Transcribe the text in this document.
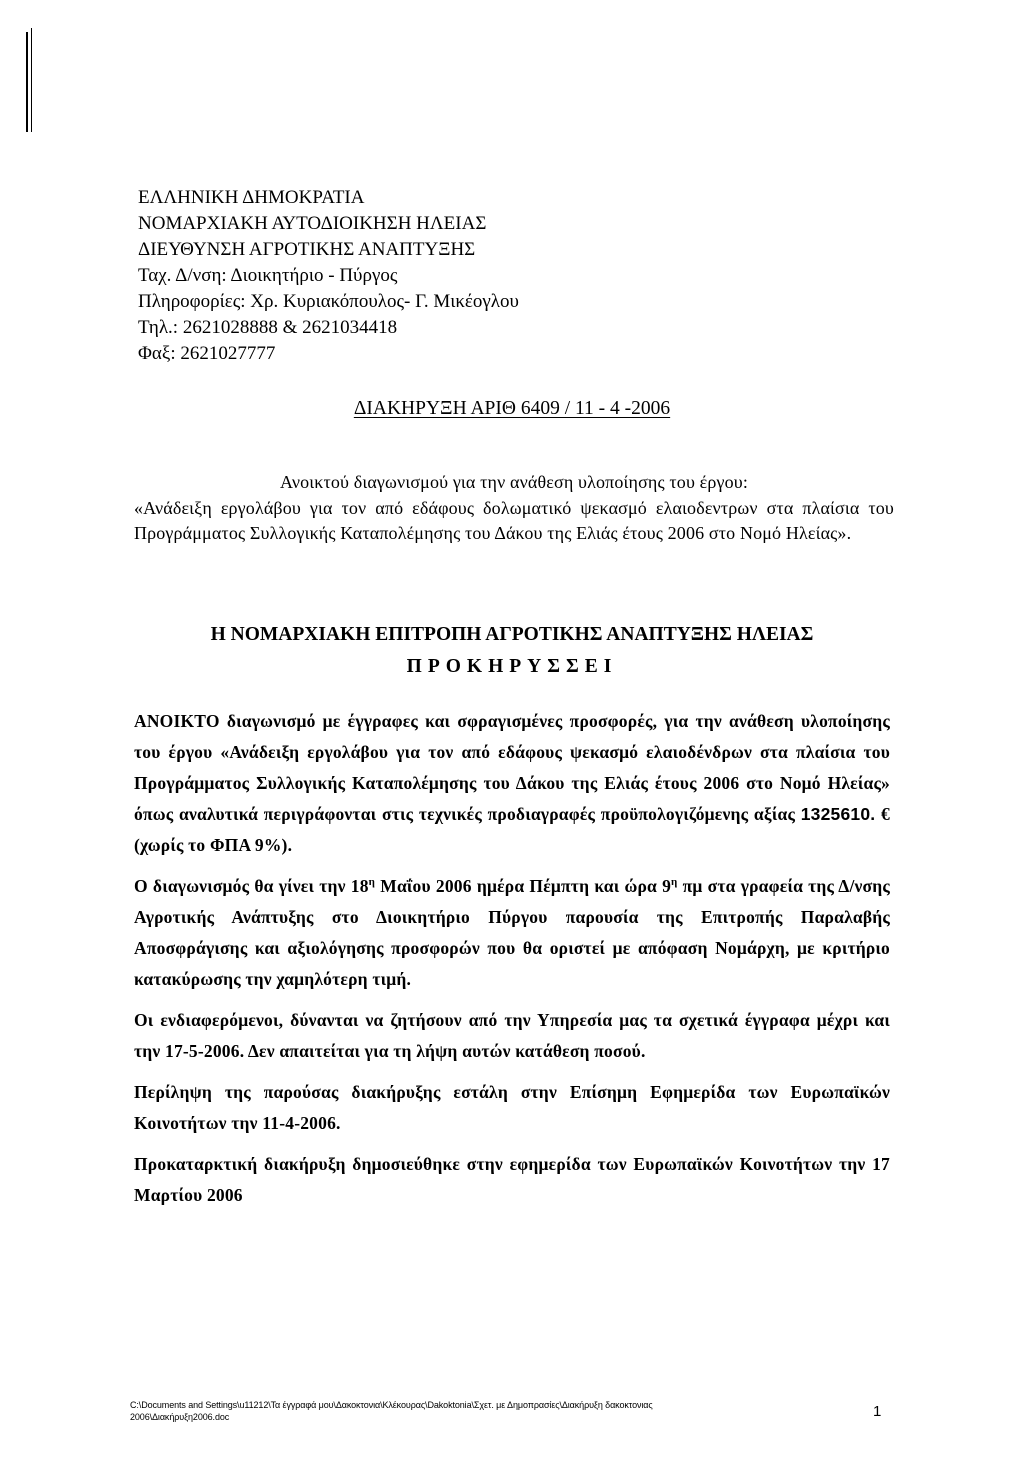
ΕΛΛΗΝΙΚΗ ΔΗΜΟΚΡΑΤΙΑ
ΝΟΜΑΡΧΙΑΚΗ ΑΥΤΟΔΙΟΙΚΗΣΗ ΗΛΕΙΑΣ
ΔΙΕΥΘΥΝΣΗ ΑΓΡΟΤΙΚΗΣ ΑΝΑΠΤΥΞΗΣ
Ταχ. Δ/νση: Διοικητήριο - Πύργος
Πληροφορίες: Χρ. Κυριακόπουλος- Γ. Μικέογλου
Τηλ.: 2621028888 & 2621034418
Φαξ: 2621027777
ΔΙΑΚΗΡΥΞΗ ΑΡΙΘ 6409 / 11 - 4 -2006
Ανοικτού διαγωνισμού για την ανάθεση υλοποίησης του έργου:
«Ανάδειξη εργολάβου για τον από εδάφους δολωματικό ψεκασμό ελαιοδεντρων στα πλαίσια του Προγράμματος Συλλογικής Καταπολέμησης του Δάκου της Ελιάς έτους 2006 στο Νομό Ηλείας».
Η ΝΟΜΑΡΧΙΑΚΗ ΕΠΙΤΡΟΠΗ ΑΓΡΟΤΙΚΗΣ ΑΝΑΠΤΥΞΗΣ ΗΛΕΙΑΣ
ΠΡΟΚΗΡΥΣΣΕΙ

ΑΝΟΙΚΤΟ διαγωνισμό με έγγραφες και σφραγισμένες προσφορές, για την ανάθεση υλοποίησης του έργου «Ανάδειξη εργολάβου για τον από εδάφους ψεκασμό ελαιοδένδρων στα πλαίσια του Προγράμματος Συλλογικής Καταπολέμησης του Δάκου της Ελιάς έτους 2006 στο Νομό Ηλείας» όπως αναλυτικά περιγράφονται στις τεχνικές προδιαγραφές προϋπολογιζόμενης αξίας 1325610. € (χωρίς το ΦΠΑ 9%).

Ο διαγωνισμός θα γίνει την $18^\eta$ Μαΐου 2006 ημέρα Πέμπτη και ώρα $9^\eta$ πμ στα γραφεία της Δ/νσης Αγροτικής Ανάπτυξης στο Διοικητήριο Πύργου παρουσία της Επιτροπής Παραλαβής Αποσφράγισης και αξιολόγησης προσφορών που θα οριστεί με απόφαση Νομάρχη, με κριτήριο κατακύρωσης την χαμηλότερη τιμή.

Οι ενδιαφερόμενοι, δύνανται να ζητήσουν από την Υπηρεσία μας τα σχετικά έγγραφα μέχρι και την 17-5-2006. Δεν απαιτείται για τη λήψη αυτών κατάθεση ποσού.

Περίληψη της παρούσας διακήρυξης εστάλη στην Επίσημη Εφημερίδα των Ευρωπαϊκών Κοινοτήτων την 11-4-2006.

Προκαταρκτική διακήρυξη δημοσιεύθηκε στην εφημερίδα των Ευρωπαϊκών Κοινοτήτων την 17 Μαρτίου 2006

C:\Documents and Settings\u11212\Τα έγγραφά μου\Δακοκτονια\Κλέκουρας\Dakoktonia\Σχετ. με Δημοπρασίες\Διακήρυξη δακοκτονιας
2006\Διακήρυξη2006.doc	1
